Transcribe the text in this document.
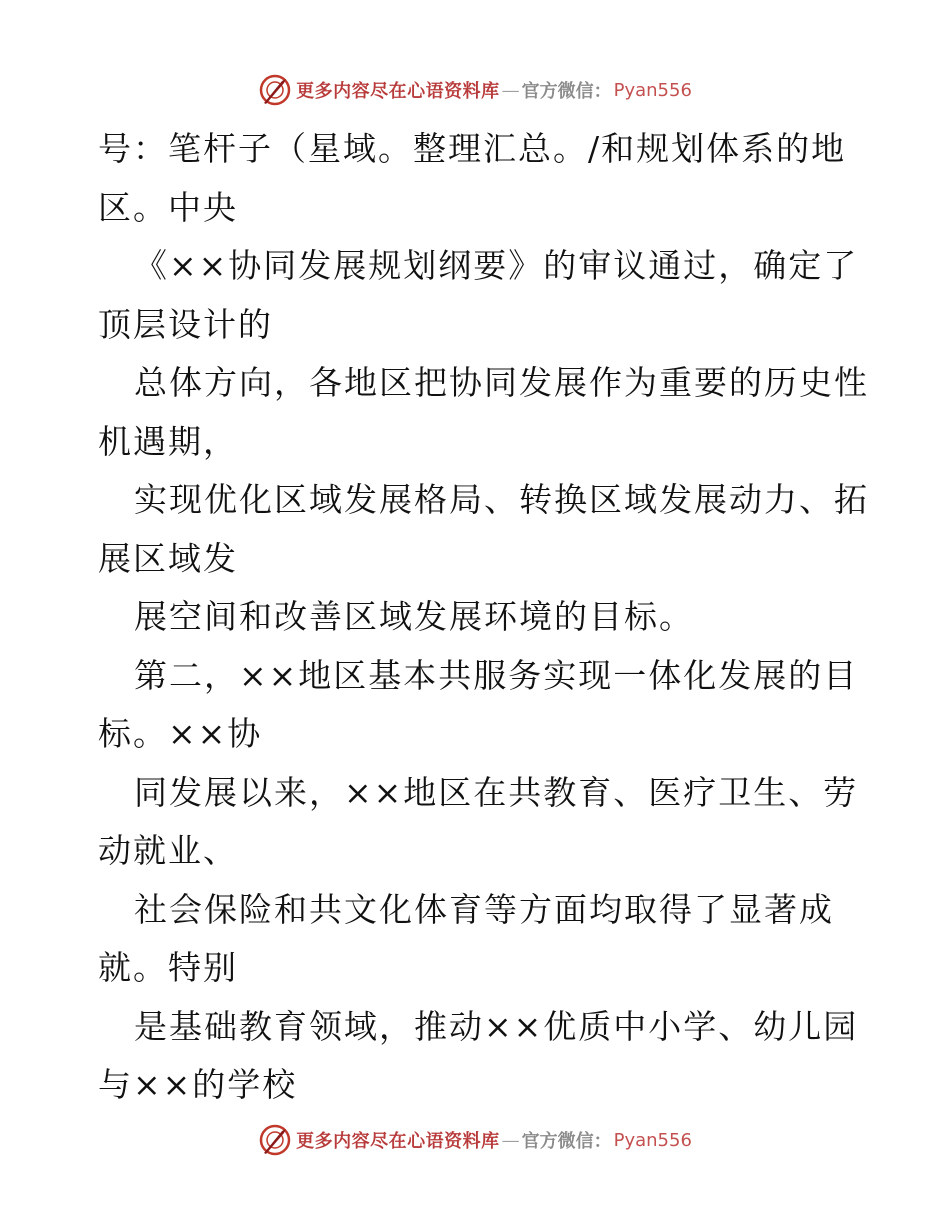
更多内容尽在心语资料库 — 官方微信： Pyan556
号：笔杆子（星域。整理汇总。/和规划体系的地
区。中央
《××协同发展规划纲要》的审议通过，确定了
顶层设计的
总体方向，各地区把协同发展作为重要的历史性
机遇期，
实现优化区域发展格局、转换区域发展动力、拓
展区域发
展空间和改善区域发展环境的目标。
第二，××地区基本共服务实现一体化发展的目
标。××协
同发展以来，××地区在共教育、医疗卫生、劳
动就业、
社会保险和共文化体育等方面均取得了显著成
就。特别
是基础教育领域，推动××优质中小学、幼儿园
与××的学校
更多内容尽在心语资料库 — 官方微信： Pyan556
